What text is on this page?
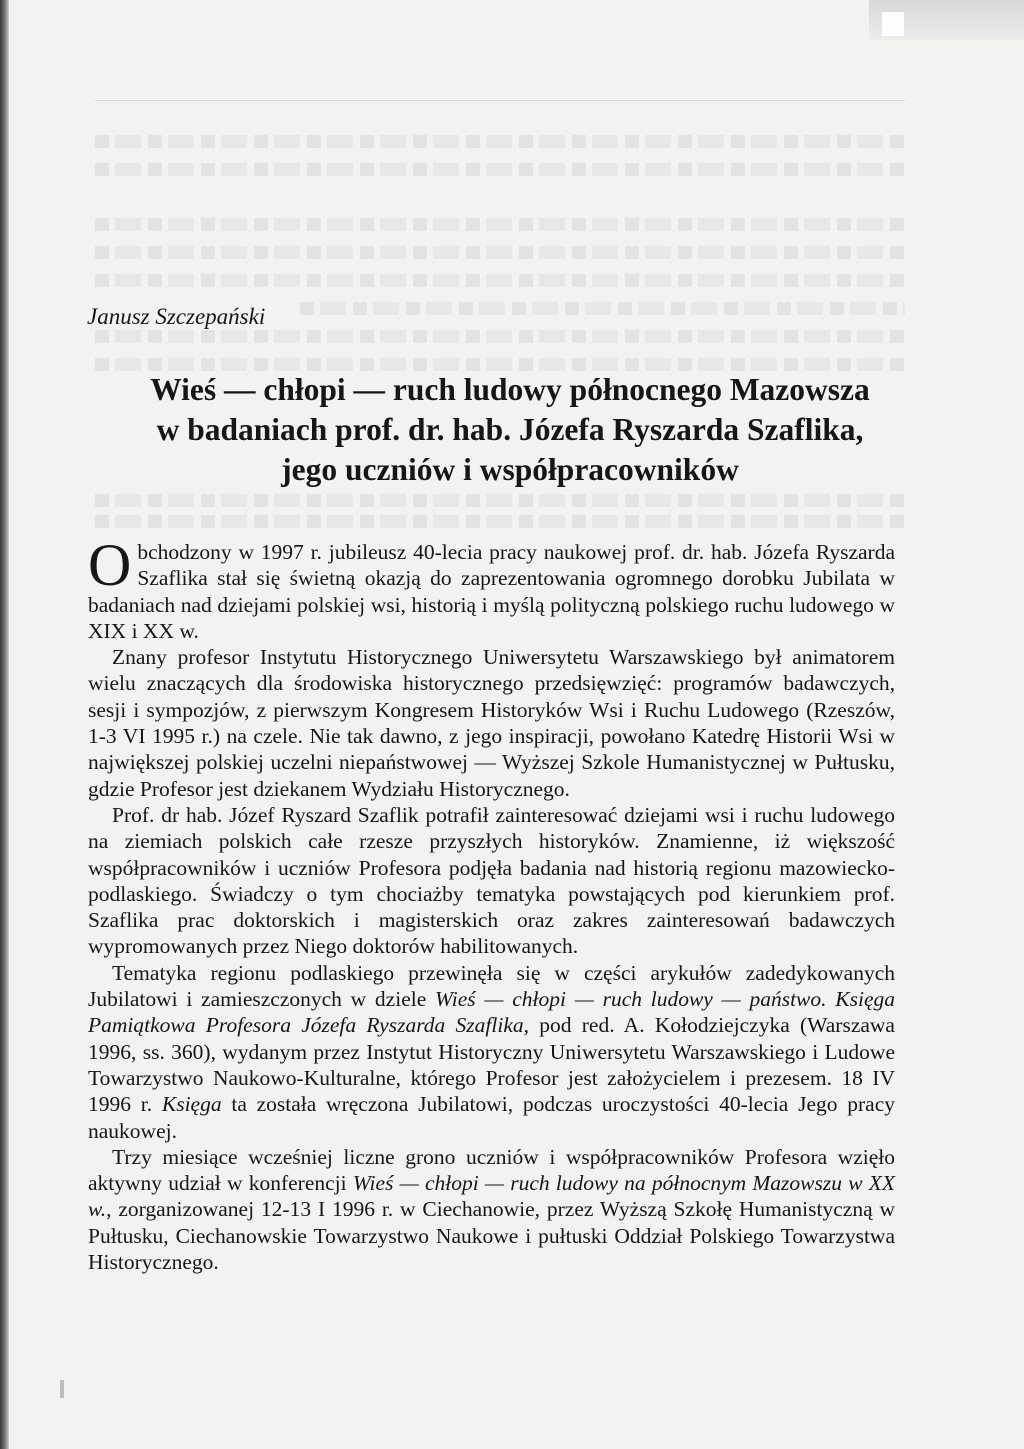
Janusz Szczepański
Wieś — chłopi — ruch ludowy północnego Mazowsza
w badaniach prof. dr. hab. Józefa Ryszarda Szaflika,
jego uczniów i współpracowników

Obchodzony w 1997 r. jubileusz 40-lecia pracy naukowej prof. dr. hab. Józefa Ryszarda Szaflika stał się świetną okazją do zaprezentowania ogromnego dorobku Jubilata w badaniach nad dziejami polskiej wsi, historią i myślą polityczną polskiego ruchu ludowego w XIX i XX w.

Znany profesor Instytutu Historycznego Uniwersytetu Warszawskiego był animatorem wielu znaczących dla środowiska historycznego przedsięwzięć: programów badawczych, sesji i sympozjów, z pierwszym Kongresem Historyków Wsi i Ruchu Ludowego (Rzeszów, 1-3 VI 1995 r.) na czele. Nie tak dawno, z jego inspiracji, powołano Katedrę Historii Wsi w największej polskiej uczelni niepaństwowej — Wyższej Szkole Humanistycznej w Pułtusku, gdzie Profesor jest dziekanem Wydziału Historycznego.

Prof. dr hab. Józef Ryszard Szaflik potrafił zainteresować dziejami wsi i ruchu ludowego na ziemiach polskich całe rzesze przyszłych historyków. Znamienne, iż większość współpracowników i uczniów Profesora podjęła badania nad historią regionu mazowiecko-podlaskiego. Świadczy o tym chociażby tematyka powstających pod kierunkiem prof. Szaflika prac doktorskich i magisterskich oraz zakres zainteresowań badawczych wypromowanych przez Niego doktorów habilitowanych.

Tematyka regionu podlaskiego przewinęła się w części arykułów zadedykowanych Jubilatowi i zamieszczonych w dziele Wieś — chłopi — ruch ludowy — państwo. Księga Pamiątkowa Profesora Józefa Ryszarda Szaflika, pod red. A. Kołodziejczyka (Warszawa 1996, ss. 360), wydanym przez Instytut Historyczny Uniwersytetu Warszawskiego i Ludowe Towarzystwo Naukowo-Kulturalne, którego Profesor jest założycielem i prezesem. 18 IV 1996 r. Księga ta została wręczona Jubilatowi, podczas uroczystości 40-lecia Jego pracy naukowej.

Trzy miesiące wcześniej liczne grono uczniów i współpracowników Profesora wzięło aktywny udział w konferencji Wieś — chłopi — ruch ludowy na północnym Mazowszu w XX w., zorganizowanej 12-13 I 1996 r. w Ciechanowie, przez Wyższą Szkołę Humanistyczną w Pułtusku, Ciechanowskie Towarzystwo Naukowe i pułtuski Oddział Polskiego Towarzystwa Historycznego.
